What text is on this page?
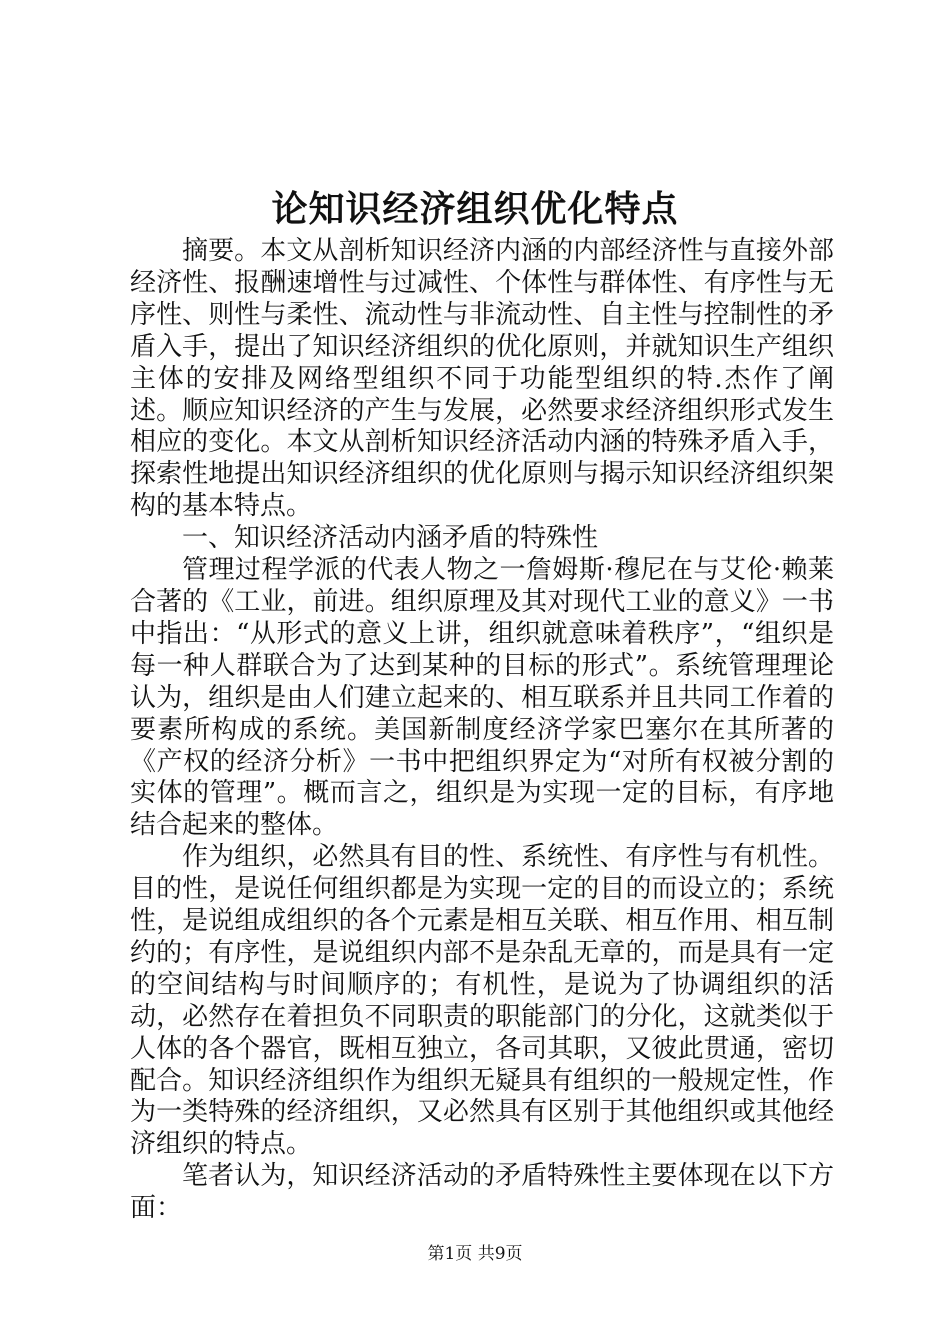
论知识经济组织优化特点

摘要。本文从剖析知识经济内涵的内部经济性与直接外部经济性、报酬速增性与过减性、个体性与群体性、有序性与无序性、则性与柔性、流动性与非流动性、自主性与控制性的矛盾入手，提出了知识经济组织的优化原则，并就知识生产组织主体的安排及网络型组织不同于功能型组织的特.杰作了阐述。顺应知识经济的产生与发展，必然要求经济组织形式发生相应的变化。本文从剖析知识经济活动内涵的特殊矛盾入手，探索性地提出知识经济组织的优化原则与揭示知识经济组织架构的基本特点。

一、知识经济活动内涵矛盾的特殊性

管理过程学派的代表人物之一詹姆斯·穆尼在与艾伦·赖莱合著的《工业，前进。组织原理及其对现代工业的意义》一书中指出：“从形式的意义上讲，组织就意味着秩序”，“组织是每一种人群联合为了达到某种的目标的形式”。系统管理理论认为，组织是由人们建立起来的、相互联系并且共同工作着的要素所构成的系统。美国新制度经济学家巴塞尔在其所著的《产权的经济分析》一书中把组织界定为“对所有权被分割的实体的管理”。概而言之，组织是为实现一定的目标，有序地结合起来的整体。

作为组织，必然具有目的性、系统性、有序性与有机性。目的性，是说任何组织都是为实现一定的目的而设立的；系统性，是说组成组织的各个元素是相互关联、相互作用、相互制约的；有序性，是说组织内部不是杂乱无章的，而是具有一定的空间结构与时间顺序的；有机性，是说为了协调组织的活动，必然存在着担负不同职责的职能部门的分化，这就类似于人体的各个器官，既相互独立，各司其职，又彼此贯通，密切配合。知识经济组织作为组织无疑具有组织的一般规定性，作为一类特殊的经济组织，又必然具有区别于其他组织或其他经济组织的特点。

笔者认为，知识经济活动的矛盾特殊性主要体现在以下方面：

第1页 共9页
